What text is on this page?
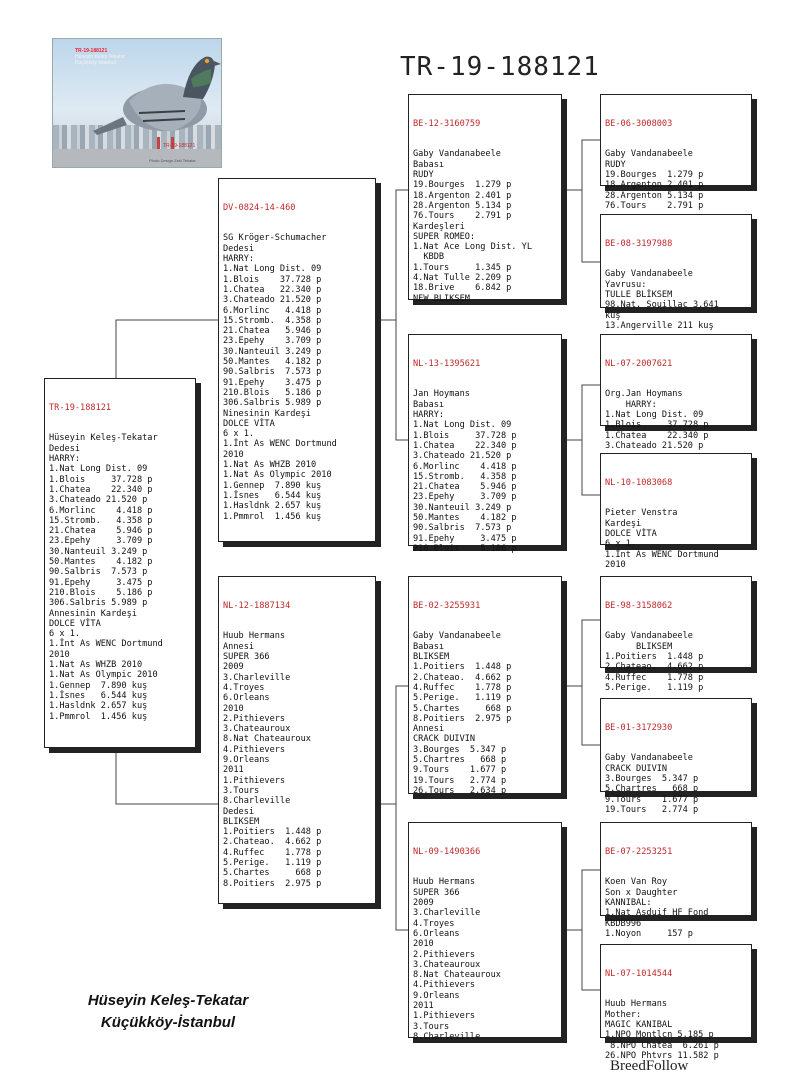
TR-19-188121
Hüseyin Keleş-Tekatar
Küçükköy-İstanbul
TR-19-188121
Photo Design Zeki Tekatar
TR-19-188121

TR-19-188121

Hüseyin Keleş-Tekatar
Dedesi
HARRY:
1.Nat Long Dist. 09
1.Blois     37.728 p
1.Chatea    22.340 p
3.Chateado 21.520 p
6.Morlinc    4.418 p
15.Stromb.   4.358 p
21.Chatea    5.946 p
23.Epehy     3.709 p
30.Nanteuil 3.249 p
50.Mantes    4.182 p
90.Salbris  7.573 p
91.Epehy     3.475 p
210.Blois    5.186 p
306.Salbris 5.989 p
Annesinin Kardeşi
DOLCE VİTA
6 x 1.
1.İnt As WENC Dortmund
2010
1.Nat As WHZB 2010
1.Nat As Olympic 2010
1.Gennep  7.890 kuş
1.İsnes   6.544 kuş
1.Hasldnk 2.657 kuş
1.Pmmrol  1.456 kuş

DV-0824-14-460

SG Kröger-Schumacher
Dedesi
HARRY:
1.Nat Long Dist. 09
1.Blois    37.728 p
1.Chatea   22.340 p
3.Chateado 21.520 p
6.Morlinc   4.418 p
15.Stromb.  4.358 p
21.Chatea   5.946 p
23.Epehy    3.709 p
30.Nanteuil 3.249 p
50.Mantes   4.182 p
90.Salbris  7.573 p
91.Epehy    3.475 p
210.Blois   5.186 p
306.Salbris 5.989 p
Ninesinin Kardeşi
DOLCE VİTA
6 x 1.
1.İnt As WENC Dortmund
2010
1.Nat As WHZB 2010
1.Nat As Olympic 2010
1.Gennep  7.890 kuş
1.İsnes   6.544 kuş
1.Hasldnk 2.657 kuş
1.Pmmrol  1.456 kuş

NL-12-1887134

Huub Hermans
Annesi
SUPER 366
2009
3.Charleville
4.Troyes
6.Orleans
2010
2.Pithievers
3.Chateauroux
8.Nat Chateauroux
4.Pithievers
9.Orleans
2011
1.Pithievers
3.Tours
8.Charleville
Dedesi
BLIKSEM
1.Poitiers  1.448 p
2.Chateao.  4.662 p
4.Ruffec    1.778 p
5.Perige.   1.119 p
5.Chartes     668 p
8.Poitiers  2.975 p

BE-12-3160759

Gaby Vandanabeele
Babası
RUDY
19.Bourges  1.279 p
18.Argenton 2.401 p
28.Argenton 5.134 p
76.Tours    2.791 p
Kardeşleri
SUPER ROMEO:
1.Nat Ace Long Dist. YL
KBDB
1.Tours     1.345 p
4.Nat Tulle 2.209 p
18.Brive    6.842 p
NEW BLIKSEM

NL-13-1395621

Jan Hoymans
Babası
HARRY:
1.Nat Long Dist. 09
1.Blois     37.728 p
1.Chatea    22.340 p
3.Chateado 21.520 p
6.Morlinc    4.418 p
15.Stromb.   4.358 p
21.Chatea    5.946 p
23.Epehy     3.709 p
30.Nanteuil 3.249 p
50.Mantes    4.182 p
90.Salbris  7.573 p
91.Epehy     3.475 p
210.Blois    5.186 p

BE-02-3255931

Gaby Vandanabeele
Babası
BLIKSEM
1.Poitiers  1.448 p
2.Chateao.  4.662 p
4.Ruffec    1.778 p
5.Perige.   1.119 p
5.Chartes     668 p
8.Poitiers  2.975 p
Annesi
CRACK DUIVIN
3.Bourges  5.347 p
5.Chartres   668 p
9.Tours    1.677 p
19.Tours   2.774 p
26.Tours   2.634 p

NL-09-1490366

Huub Hermans
SUPER 366
2009
3.Charleville
4.Troyes
6.Orleans
2010
2.Pithievers
3.Chateauroux
8.Nat Chateauroux
4.Pithievers
9.Orleans
2011
1.Pithievers
3.Tours
8.Charleville

BE-06-3008003

Gaby Vandanabeele
RUDY
19.Bourges  1.279 p
18.Argenton 2.401 p
28.Argenton 5.134 p
76.Tours    2.791 p

BE-08-3197988

Gaby Vandanabeele
Yavrusu:
TULLE BLİKSEM
98.Nat. Souillac 3.641
kuş
13.Angerville 211 kuş

NL-07-2007621

Org.Jan Hoymans
HARRY:
1.Nat Long Dist. 09
1.Blois     37.728 p
1.Chatea    22.340 p
3.Chateado 21.520 p

NL-10-1083068

Pieter Venstra
Kardeşi
DOLCE VİTA
6 x 1.
1.İnt As WENC Dortmund
2010

BE-98-3158062

Gaby Vandanabeele
BLIKSEM
1.Poitiers  1.448 p
2.Chateao.  4.662 p
4.Ruffec    1.778 p
5.Perige.   1.119 p

BE-01-3172930

Gaby Vandanabeele
CRACK DUIVIN
3.Bourges  5.347 p
5.Chartres   668 p
9.Tours    1.677 p
19.Tours   2.774 p

BE-07-2253251

Koen Van Roy
Son x Daughter
KANNIBAL:
1.Nat Asduif HF Fond
KBDB996
1.Noyon     157 p

NL-07-1014544

Huub Hermans
Mother:
MAGIC KANIBAL
1.NPO Montlcn 5.185 p
8.NPO Chatea  6.261 p
26.NPO Phtvrs 11.582 p

Hüseyin Keleş-Tekatar
Küçükköy-İstanbul
BreedFollow
